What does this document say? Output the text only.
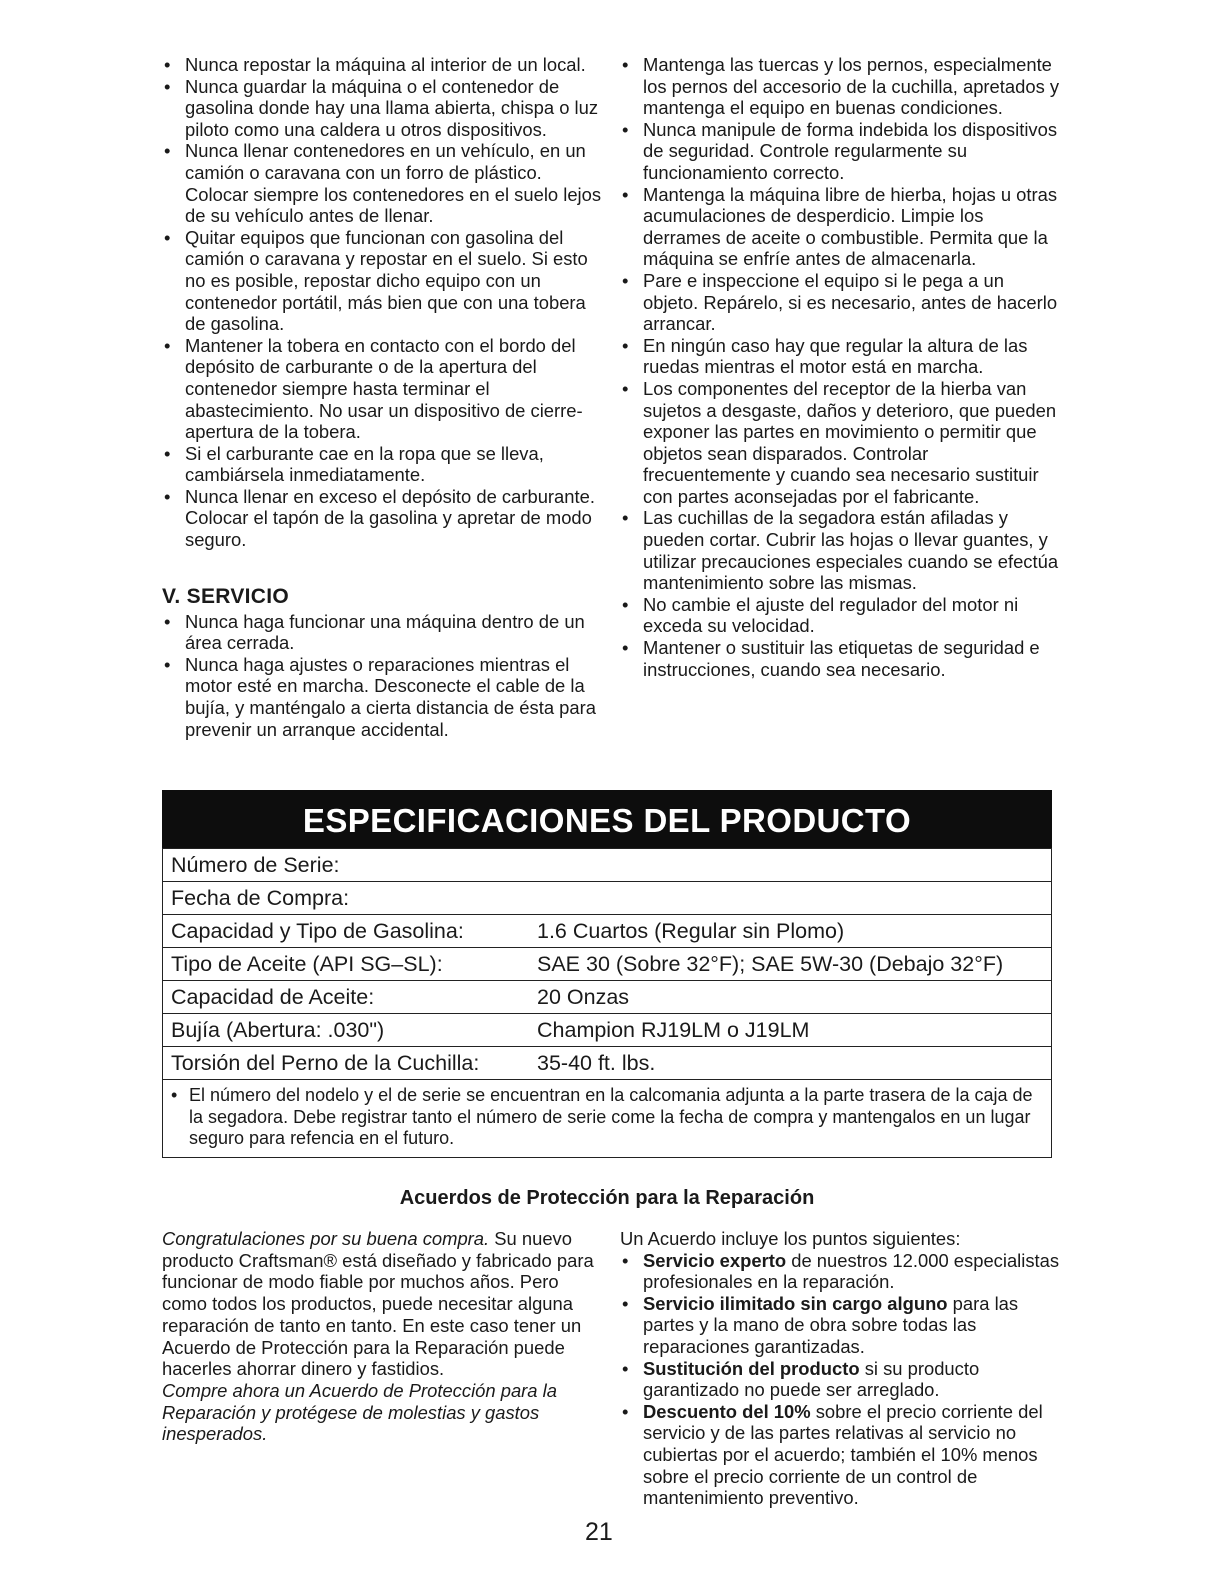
• Nunca repostar la máquina al interior de un local.
• Nunca guardar la máquina o el contenedor de gasolina donde hay una llama abierta, chispa o luz piloto como una caldera u otros dispositivos.
• Nunca llenar contenedores en un vehículo, en un camión o caravana con un forro de plástico. Colocar siempre los contenedores en el suelo lejos de su vehículo antes de llenar.
• Quitar equipos que funcionan con gasolina del camión o caravana y repostar en el suelo. Si esto no es posible, repostar dicho equipo con un contenedor portátil, más bien que con una tobera de gasolina.
• Mantener la tobera en contacto con el bordo del depósito de carburante o de la apertura del contenedor siempre hasta terminar el abastecimiento. No usar un dispositivo de cierre-apertura de la tobera.
• Si el carburante cae en la ropa que se lleva, cambiársela inmediatamente.
• Nunca llenar en exceso el depósito de carburante. Colocar el tapón de la gasolina y apretar de modo seguro.
V. SERVICIO
• Nunca haga funcionar una máquina dentro de un área cerrada.
• Nunca haga ajustes o reparaciones mientras el motor esté en marcha. Desconecte el cable de la bujía, y manténgalo a cierta distancia de ésta para prevenir un arranque accidental.
• Mantenga las tuercas y los pernos, especialmente los pernos del accesorio de la cuchilla, apretados y mantenga el equipo en buenas condiciones.
• Nunca manipule de forma indebida los dispositivos de seguridad. Controle regularmente su funcionamiento correcto.
• Mantenga la máquina libre de hierba, hojas u otras acumulaciones de desperdicio. Limpie los derrames de aceite o combustible. Permita que la máquina se enfríe antes de almacenarla.
• Pare e inspeccione el equipo si le pega a un objeto. Repárelo, si es necesario, antes de hacerlo arrancar.
• En ningún caso hay que regular la altura de las ruedas mientras el motor está en marcha.
• Los componentes del receptor de la hierba van sujetos a desgaste, daños y deterioro, que pueden exponer las partes en movimiento o permitir que objetos sean disparados. Controlar frecuentemente y cuando sea necesario sustituir con partes aconsejadas por el fabricante.
• Las cuchillas de la segadora están afiladas y pueden cortar. Cubrir las hojas o llevar guantes, y utilizar precauciones especiales cuando se efectúa mantenimiento sobre las mismas.
• No cambie el ajuste del regulador del motor ni exceda su velocidad.
• Mantener o sustituir las etiquetas de seguridad e instrucciones, cuando sea necesario.
ESPECIFICACIONES DEL PRODUCTO
Número de Serie:	
Fecha de Compra:	
Capacidad y Tipo de Gasolina:	1.6 Cuartos (Regular sin Plomo)
Tipo de Aceite (API SG–SL):	SAE 30 (Sobre 32°F); SAE 5W-30 (Debajo 32°F)
Capacidad de Aceite:	20 Onzas
Bujía (Abertura: .030")	Champion RJ19LM o J19LM
Torsión del Perno de la Cuchilla:	35-40 ft. lbs.
• El número del nodelo y el de serie se encuentran en la calcomania adjunta a la parte trasera de la caja de la segadora. Debe registrar tanto el número de serie come la fecha de compra y mantengalos en un lugar seguro para refencia en el futuro.
Acuerdos de Protección para la Reparación

Congratulaciones por su buena compra. Su nuevo producto Craftsman® está diseñado y fabricado para funcionar de modo fiable por muchos años. Pero como todos los productos, puede necesitar alguna reparación de tanto en tanto. En este caso tener un Acuerdo de Protección para la Reparación puede hacerles ahorrar dinero y fastidios.

Compre ahora un Acuerdo de Protección para la Reparación y protégese de molestias y gastos inesperados.

Un Acuerdo incluye los puntos siguientes:

• Servicio experto de nuestros 12.000 especialistas profesionales en la reparación.
• Servicio ilimitado sin cargo alguno para las partes y la mano de obra sobre todas las reparaciones garantizadas.
• Sustitución del producto si su producto garantizado no puede ser arreglado.
• Descuento del 10% sobre el precio corriente del servicio y de las partes relativas al servicio no cubiertas por el acuerdo; también el 10% menos sobre el precio corriente de un control de mantenimiento preventivo.
21
